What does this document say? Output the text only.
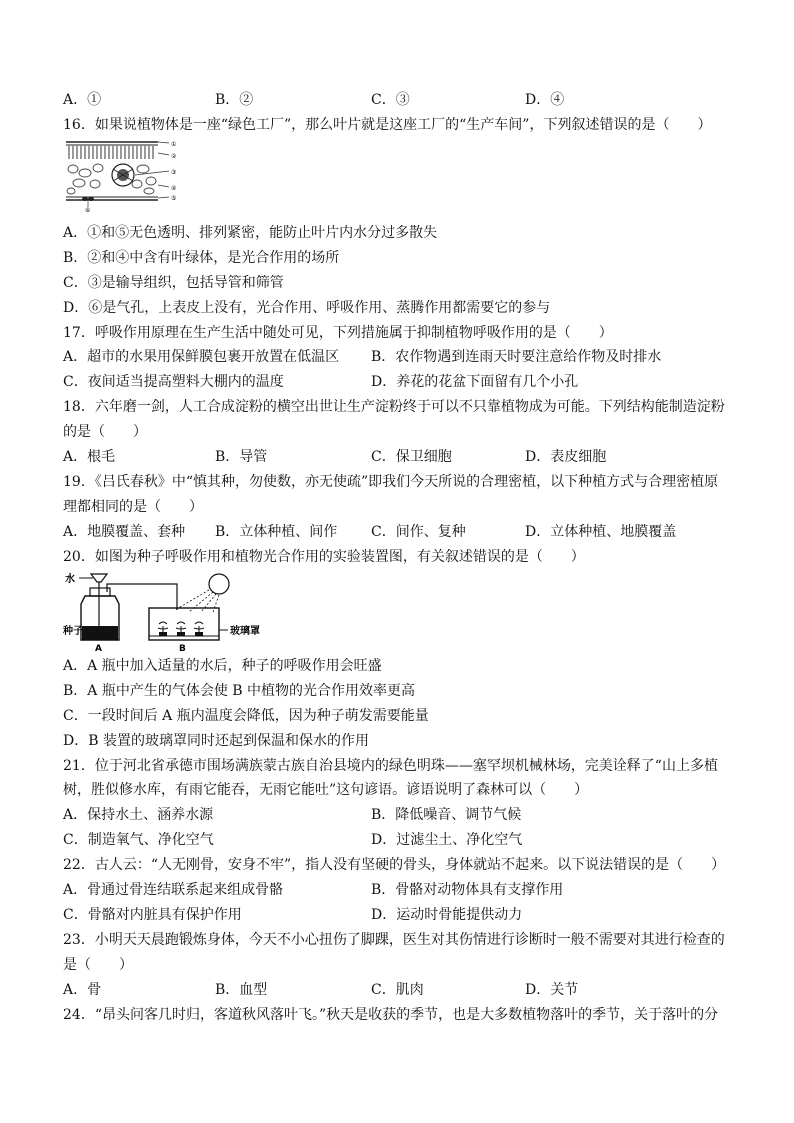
A．①	B．②	C．③	D．④
16．如果说植物体是一座“绿色工厂”，那么叶片就是这座工厂的“生产车间”，下列叙述错误的是（　　）
①
②
③
④
⑤
⑥
A．①和⑤无色透明、排列紧密，能防止叶片内水分过多散失
B．②和④中含有叶绿体，是光合作用的场所
C．③是输导组织，包括导管和筛管
D．⑥是气孔，上表皮上没有，光合作用、呼吸作用、蒸腾作用都需要它的参与
17．呼吸作用原理在生产生活中随处可见，下列措施属于抑制植物呼吸作用的是（　　）
A．超市的水果用保鲜膜包裹开放置在低温区 B．农作物遇到连雨天时要注意给作物及时排水
C．夜间适当提高塑料大棚内的温度	D．养花的花盆下面留有几个小孔
18．六年磨一剑，人工合成淀粉的横空出世让生产淀粉终于可以不只靠植物成为可能。下列结构能制造淀粉
的是（　　）
A．根毛	B．导管	C．保卫细胞	D．表皮细胞
19．《吕氏春秋》中“慎其种，勿使数，亦无使疏”即我们今天所说的合理密植，以下种植方式与合理密植原
理都相同的是（　　）
A．地膜覆盖、套种 B．立体种植、间作 C．间作、复种	D．立体种植、地膜覆盖
20．如图为种子呼吸作用和植物光合作用的实验装置图，有关叙述错误的是（　　）
水
种子
A	B
玻璃罩
A．A 瓶中加入适量的水后，种子的呼吸作用会旺盛
B．A 瓶中产生的气体会使 B 中植物的光合作用效率更高
C．一段时间后 A 瓶内温度会降低，因为种子萌发需要能量
D．B 装置的玻璃罩同时还起到保温和保水的作用
21．位于河北省承德市围场满族蒙古族自治县境内的绿色明珠——塞罕坝机械林场，完美诠释了“山上多植
树，胜似修水库，有雨它能吞，无雨它能吐”这句谚语。谚语说明了森林可以（　　）
A．保持水土、涵养水源	B．降低噪音、调节气候
C．制造氧气、净化空气	D．过滤尘土、净化空气
22．古人云：“人无刚骨，安身不牢”，指人没有坚硬的骨头，身体就站不起来。以下说法错误的是（　　）
A．骨通过骨连结联系起来组成骨骼	B．骨骼对动物体具有支撑作用
C．骨骼对内脏具有保护作用	D．运动时骨能提供动力
23．小明天天晨跑锻炼身体，今天不小心扭伤了脚踝，医生对其伤情进行诊断时一般不需要对其进行检查的
是（　　）
A．骨	B．血型	C．肌肉	D．关节
24．“昂头问客几时归，客道秋风落叶飞。”秋天是收获的季节，也是大多数植物落叶的季节，关于落叶的分
